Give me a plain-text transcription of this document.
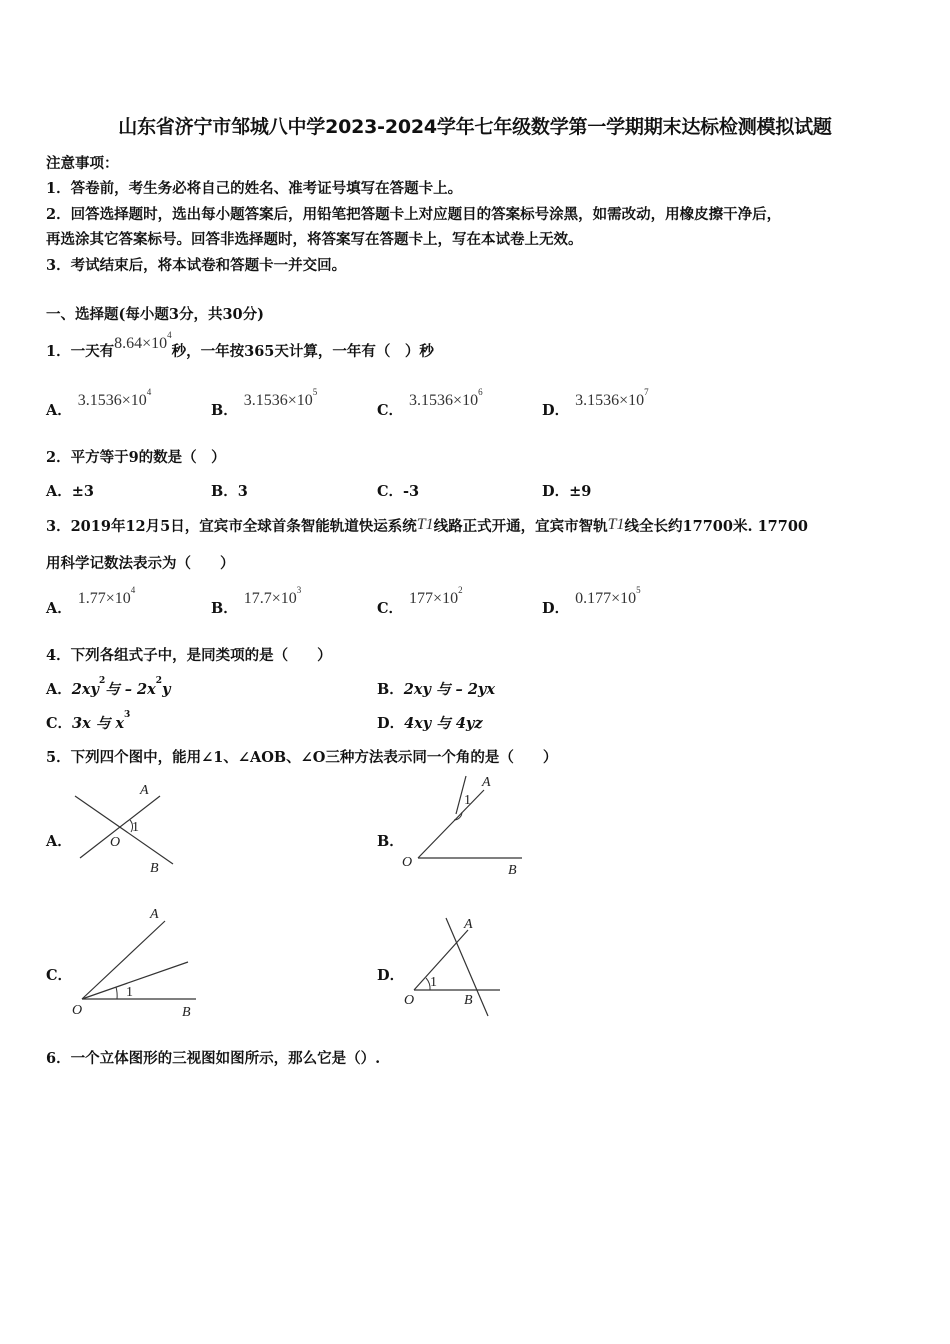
山东省济宁市邹城八中学2023-2024学年七年级数学第一学期期末达标检测模拟试题
注意事项：
1．答卷前，考生务必将自己的姓名、准考证号填写在答题卡上。
2．回答选择题时，选出每小题答案后，用铅笔把答题卡上对应题目的答案标号涂黑，如需改动，用橡皮擦干净后，
再选涂其它答案标号。回答非选择题时，将答案写在答题卡上，写在本试卷上无效。
3．考试结束后，将本试卷和答题卡一并交回。
一、选择题(每小题3分，共30分)
1．一天有$8.64\times 10^4$秒，一年按365天计算，一年有（　）秒
A．$3.1536\times 10^4$
B．$3.1536\times 10^5$
C．$3.1536\times 10^6$
D．$3.1536\times 10^7$
2．平方等于9的数是（　）
A．±3	B．3	C．-3	D．±9
3．2019年12月5日，宜宾市全球首条智能轨道快运系统T1线路正式开通，宜宾市智轨T1线全长约17700米. 17700
用科学记数法表示为（　　）
A．$1.77\times 10^4$
B．$17.7\times 10^3$
C．$177\times 10^2$
D．$0.177\times 10^5$
4．下列各组式子中，是同类项的是（　　）
A．$2xy^2$与 – $2x^2y$	B．2xy 与 – 2yx
C．3x 与 $x^3$	D．4xy 与 4yz
5．下列四个图中，能用∠1、∠AOB、∠O三种方法表示同一个角的是（　　）
A．
A
1
O
B
B．
A
1
O
B
C．
A
1
O	B
D．
A
1
O	B
6．一个立体图形的三视图如图所示，那么它是（）.
